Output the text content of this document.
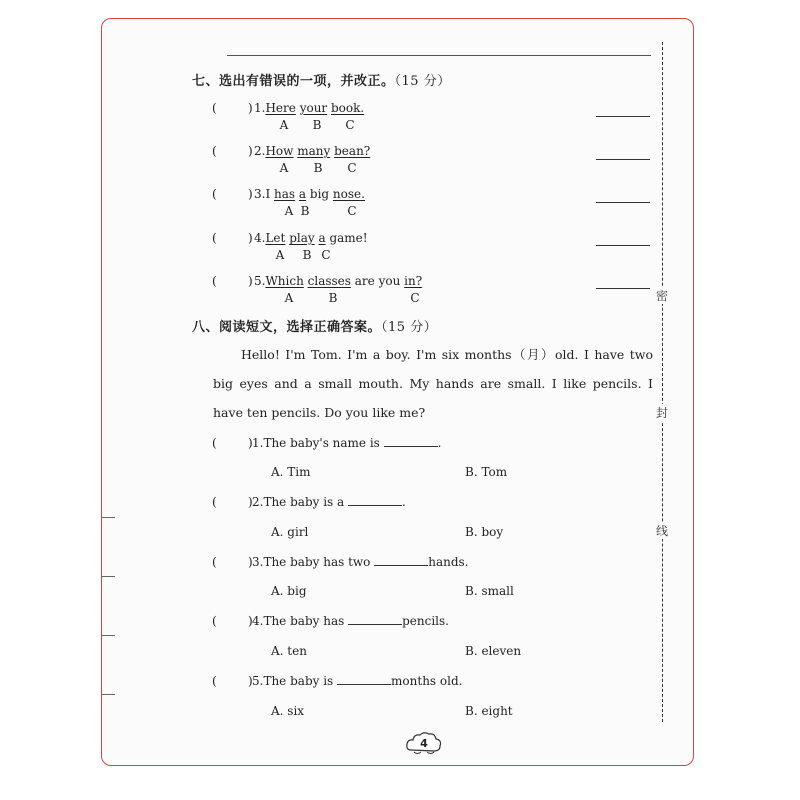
密
封
线
七、选出有错误的一项，并改正。（15 分）
(	) 1.Here your book.
A	B	C
(	) 2.How many bean?
A	B	C
(	) 3.I has a big nose.
A B	C
(	) 4.Let play a game!
A	B C
(	) 5.Which classes are you in?
A	B	C
八、阅读短文，选择正确答案。（15 分）
Hello! I'm Tom. I'm a boy. I'm six months（月）old. I have two big eyes and a small mouth. My hands are small. I like pencils. I have ten pencils. Do you like me?
(	) 1.The baby's name is	.
A. Tim	B. Tom
(	) 2.The baby is a	.
A. girl	B. boy
(	) 3.The baby has two	hands.
A. big	B. small
(	) 4.The baby has	pencils.
A. ten	B. eleven
(	) 5.The baby is	months old.
A. six	B. eight
4
